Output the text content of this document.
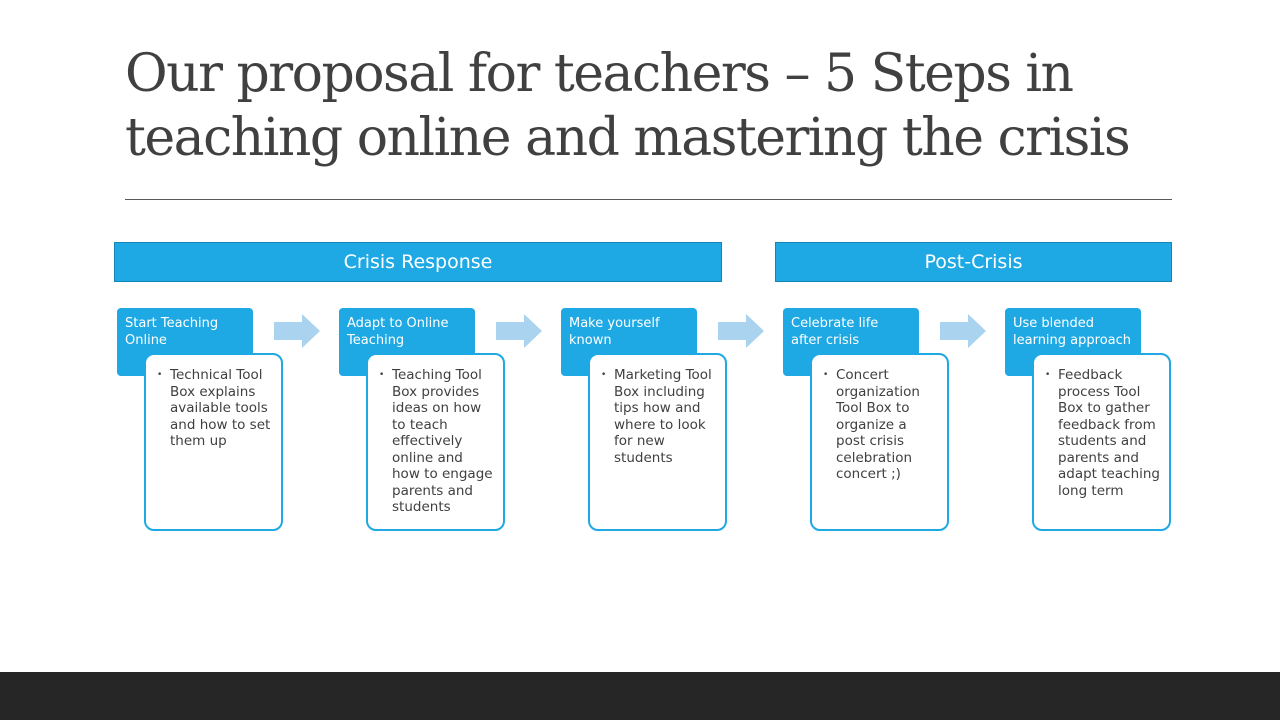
Our proposal for teachers – 5 Steps in teaching online and mastering the crisis
Crisis Response	Post-Crisis
Start Teaching Online
• Technical Tool Box explains available tools and how to set them up
Adapt to Online Teaching
• Teaching Tool Box provides ideas on how to teach effectively online and how to engage parents and students
Make yourself known
• Marketing Tool Box including tips how and where to look for new students
Celebrate life after crisis
• Concert organization Tool Box to organize a post crisis celebration concert ;)
Use blended learning approach
• Feedback process Tool Box to gather feedback from students and parents and adapt teaching long term
